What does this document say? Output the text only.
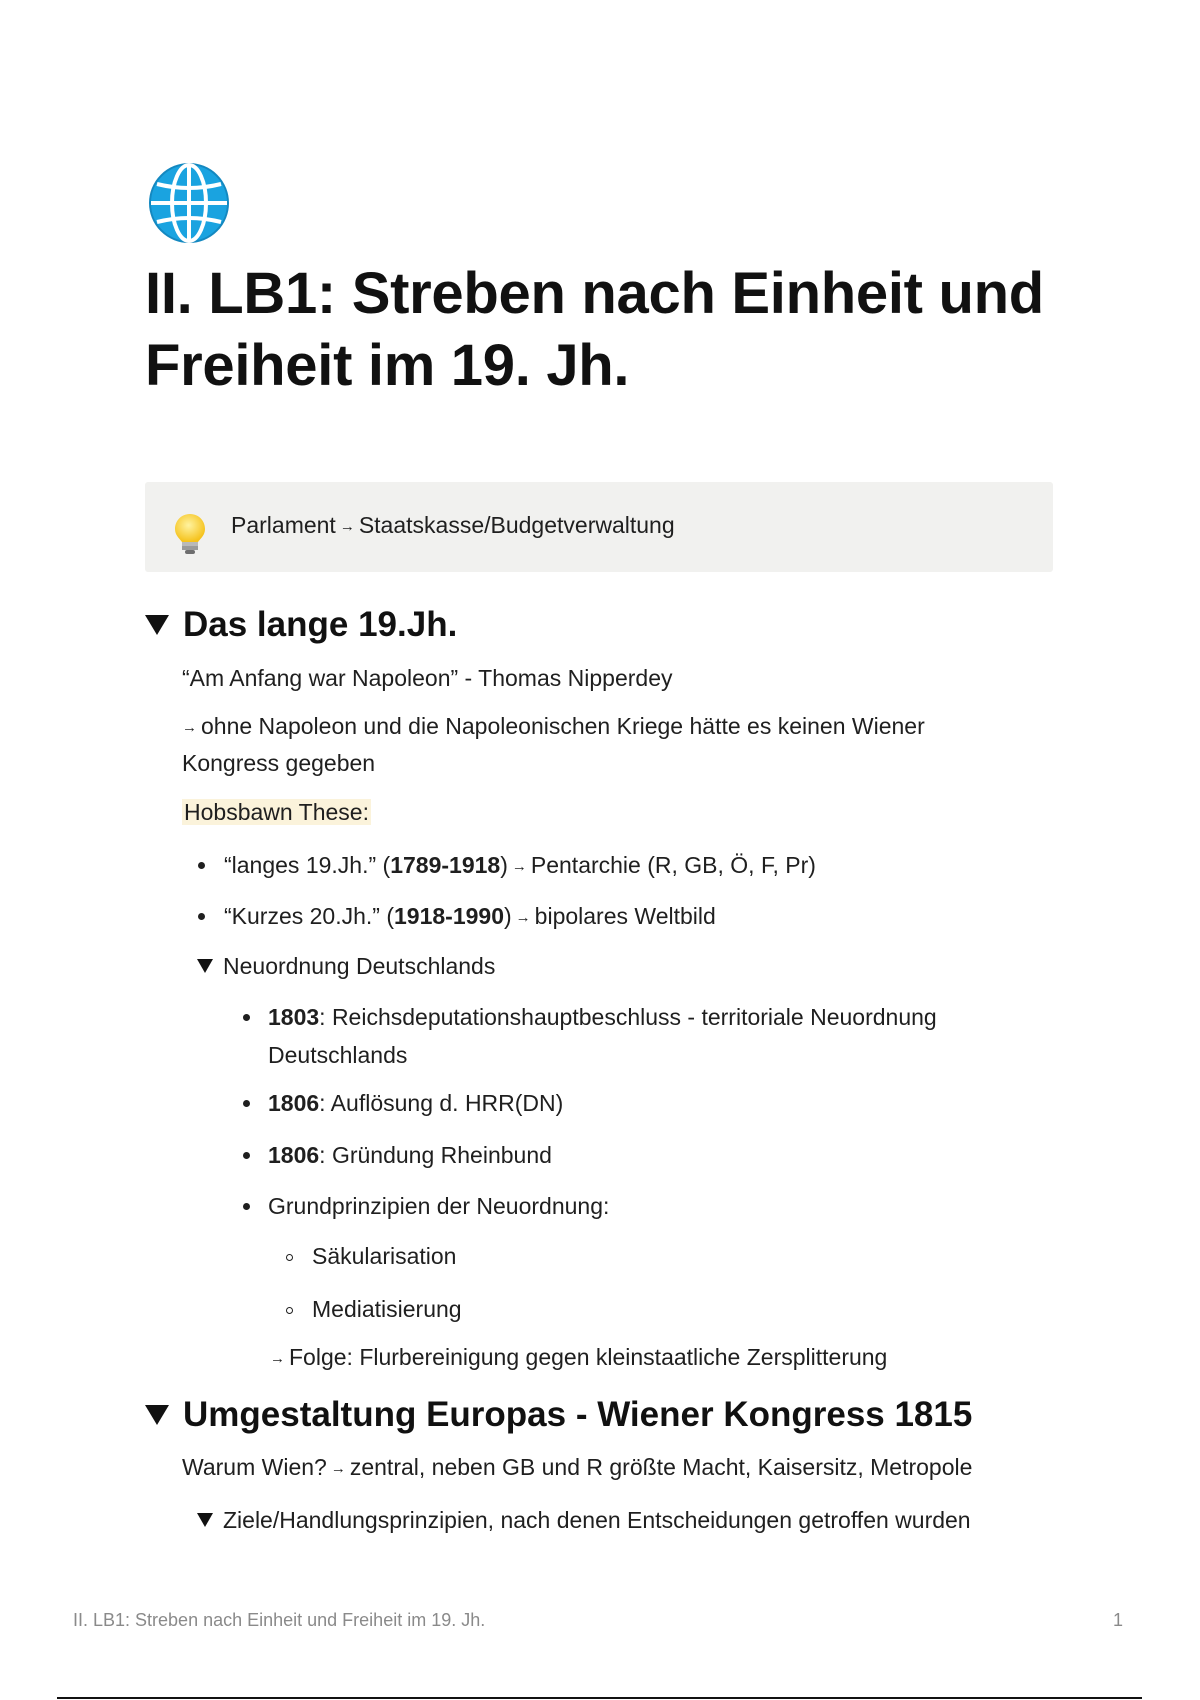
II. LB1: Streben nach Einheit und Freiheit im 19. Jh.
Parlament → Staatskasse/Budgetverwaltung
Das lange 19.Jh.
“Am Anfang war Napoleon” - Thomas Nipperdey
→ ohne Napoleon und die Napoleonischen Kriege hätte es keinen Wiener
Kongress gegeben
Hobsbawn These:
“langes 19.Jh.” (1789-1918) → Pentarchie (R, GB, Ö, F, Pr)
“Kurzes 20.Jh.” (1918-1990) → bipolares Weltbild
Neuordnung Deutschlands
1803: Reichsdeputationshauptbeschluss - territoriale Neuordnung
Deutschlands
1806: Auflösung d. HRR(DN)
1806: Gründung Rheinbund
Grundprinzipien der Neuordnung:
Säkularisation
Mediatisierung
→ Folge: Flurbereinigung gegen kleinstaatliche Zersplitterung
Umgestaltung Europas - Wiener Kongress 1815
Warum Wien? → zentral, neben GB und R größte Macht, Kaisersitz, Metropole
Ziele/Handlungsprinzipien, nach denen Entscheidungen getroffen wurden
II. LB1: Streben nach Einheit und Freiheit im 19. Jh.	1
